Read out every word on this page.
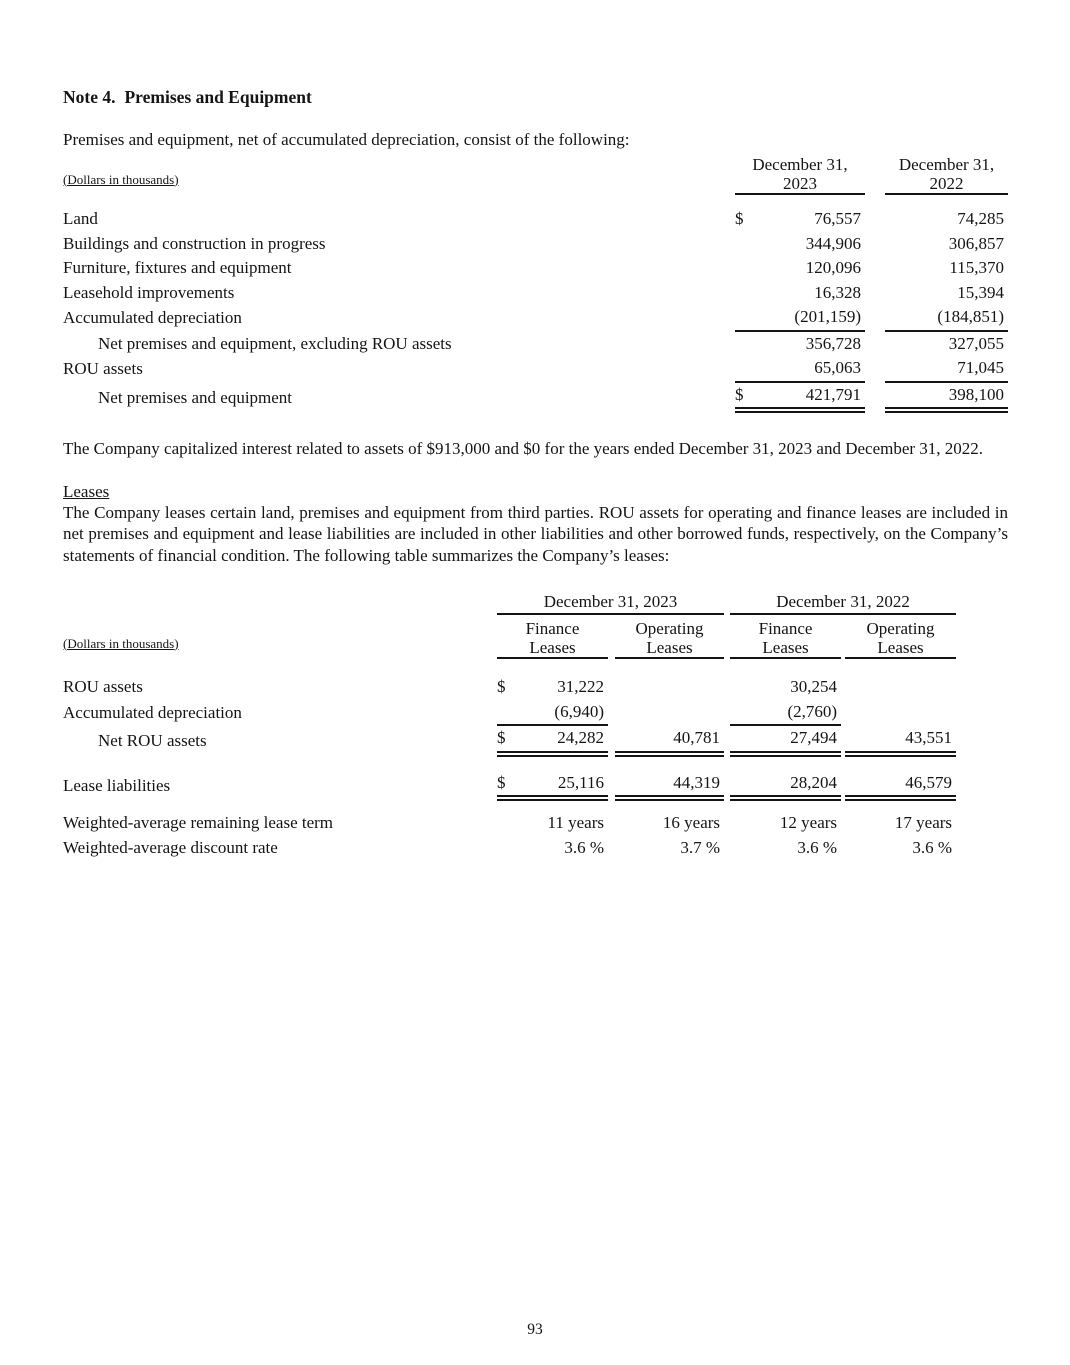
Note 4. Premises and Equipment
Premises and equipment, net of accumulated depreciation, consist of the following:
(Dollars in thousands)	
December 31,
2023

December 31,
2022

Land	$	76,557		74,285
Buildings and construction in progress		344,906		306,857
Furniture, fixtures and equipment		120,096		115,370
Leasehold improvements		16,328		15,394
Accumulated depreciation		(201,159)		(184,851)
Net premises and equipment, excluding ROU assets		356,728		327,055
ROU assets		65,063		71,045
Net premises and equipment	$	421,791		398,100
The Company capitalized interest related to assets of $913,000 and $0 for the years ended December 31, 2023 and December 31, 2022.
Leases
The Company leases certain land, premises and equipment from third parties. ROU assets for operating and finance leases are included in net premises and equipment and lease liabilities are included in other liabilities and other borrowed funds, respectively, on the Company’s statements of financial condition. The following table summarizes the Company’s leases:
	December 31, 2023					December 31, 2022		
(Dollars in thousands)	
Finance
Leases

Operating
Leases

Finance
Leases

Operating
Leases

ROU assets	$	31,222				30,254		
Accumulated depreciation		(6,940)				(2,760)		
Net ROU assets	$	24,282		40,781		27,494		43,551

Lease liabilities	$	25,116		44,319		28,204		46,579

Weighted-average remaining lease term		11 years		16 years		12 years		17 years
Weighted-average discount rate		3.6 %		3.7 %		3.6 %		3.6 %
93
